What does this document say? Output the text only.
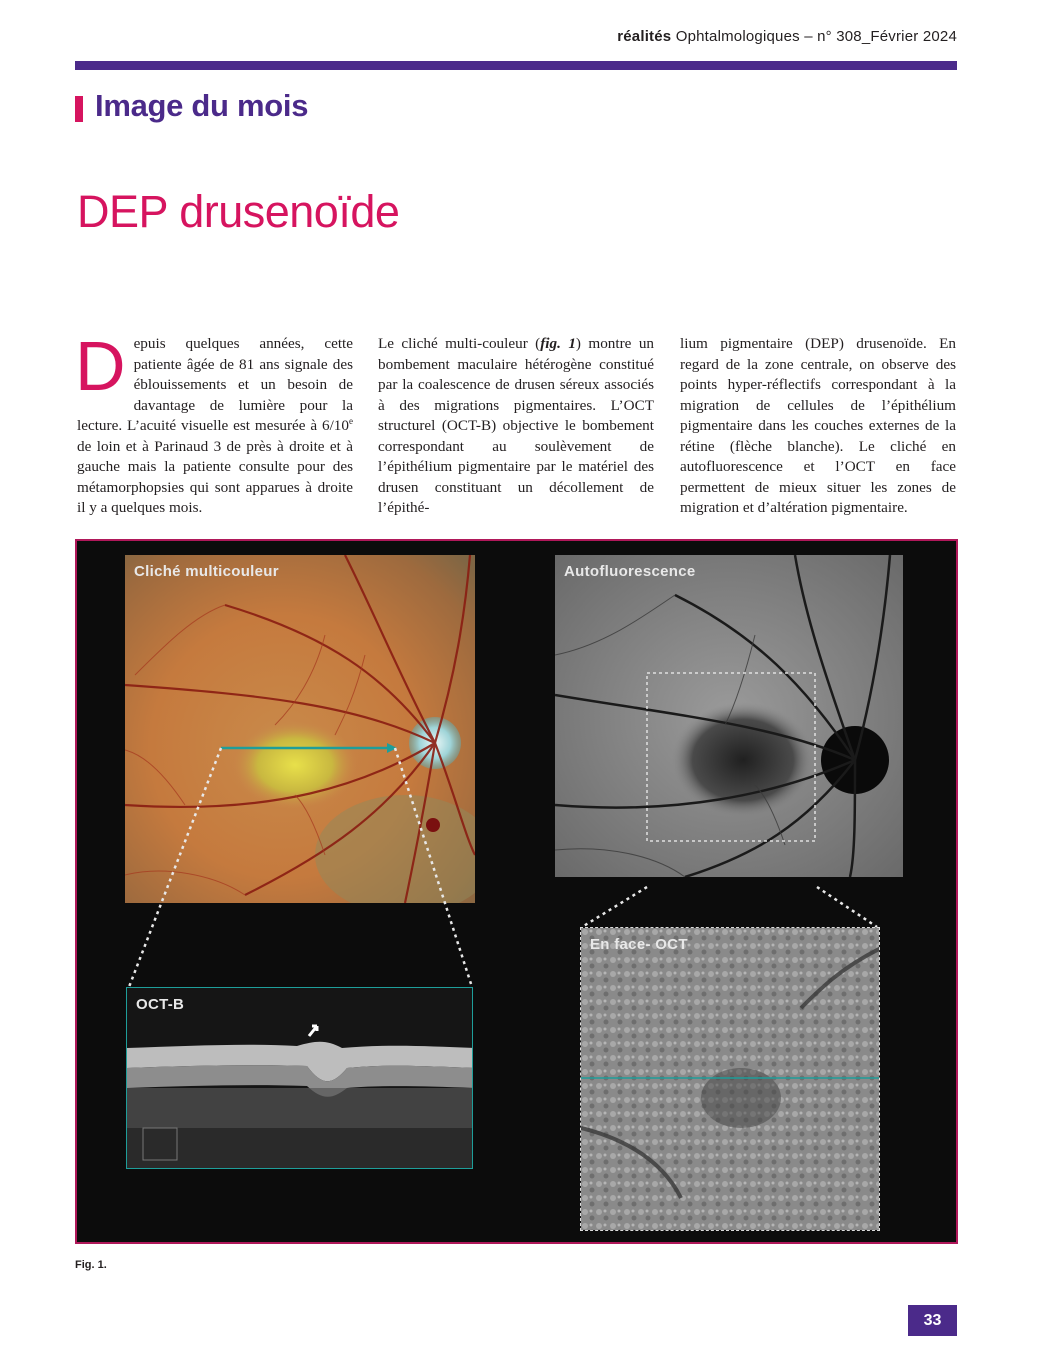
réalités Ophtalmologiques – n° 308_Février 2024
Image du mois
DEP drusenoïde
Depuis quelques années, cette patiente âgée de 81 ans signale des éblouissements et un besoin de davantage de lumière pour la lecture. L’acuité visuelle est mesurée à 6/10e de loin et à Parinaud 3 de près à droite et à gauche mais la patiente consulte pour des métamorphopsies qui sont apparues à droite il y a quelques mois.
Le cliché multi-couleur (fig. 1) montre un bombement maculaire hétérogène constitué par la coalescence de drusen séreux associés à des migrations pigmentaires. L’OCT structurel (OCT-B) objective le bombement correspondant au soulèvement de l’épithélium pigmentaire par le matériel des drusen constituant un décollement de l’épithé-
lium pigmentaire (DEP) drusenoïde. En regard de la zone centrale, on observe des points hyper-réflectifs correspondant à la migration de cellules de l’épithélium pigmentaire dans les couches externes de la rétine (flèche blanche). Le cliché en autofluorescence et l’OCT en face permettent de mieux situer les zones de migration et d’altération pigmentaire.
Cliché multicouleur	Autofluorescence
OCT-B
En face- OCT
Fig. 1.
33
